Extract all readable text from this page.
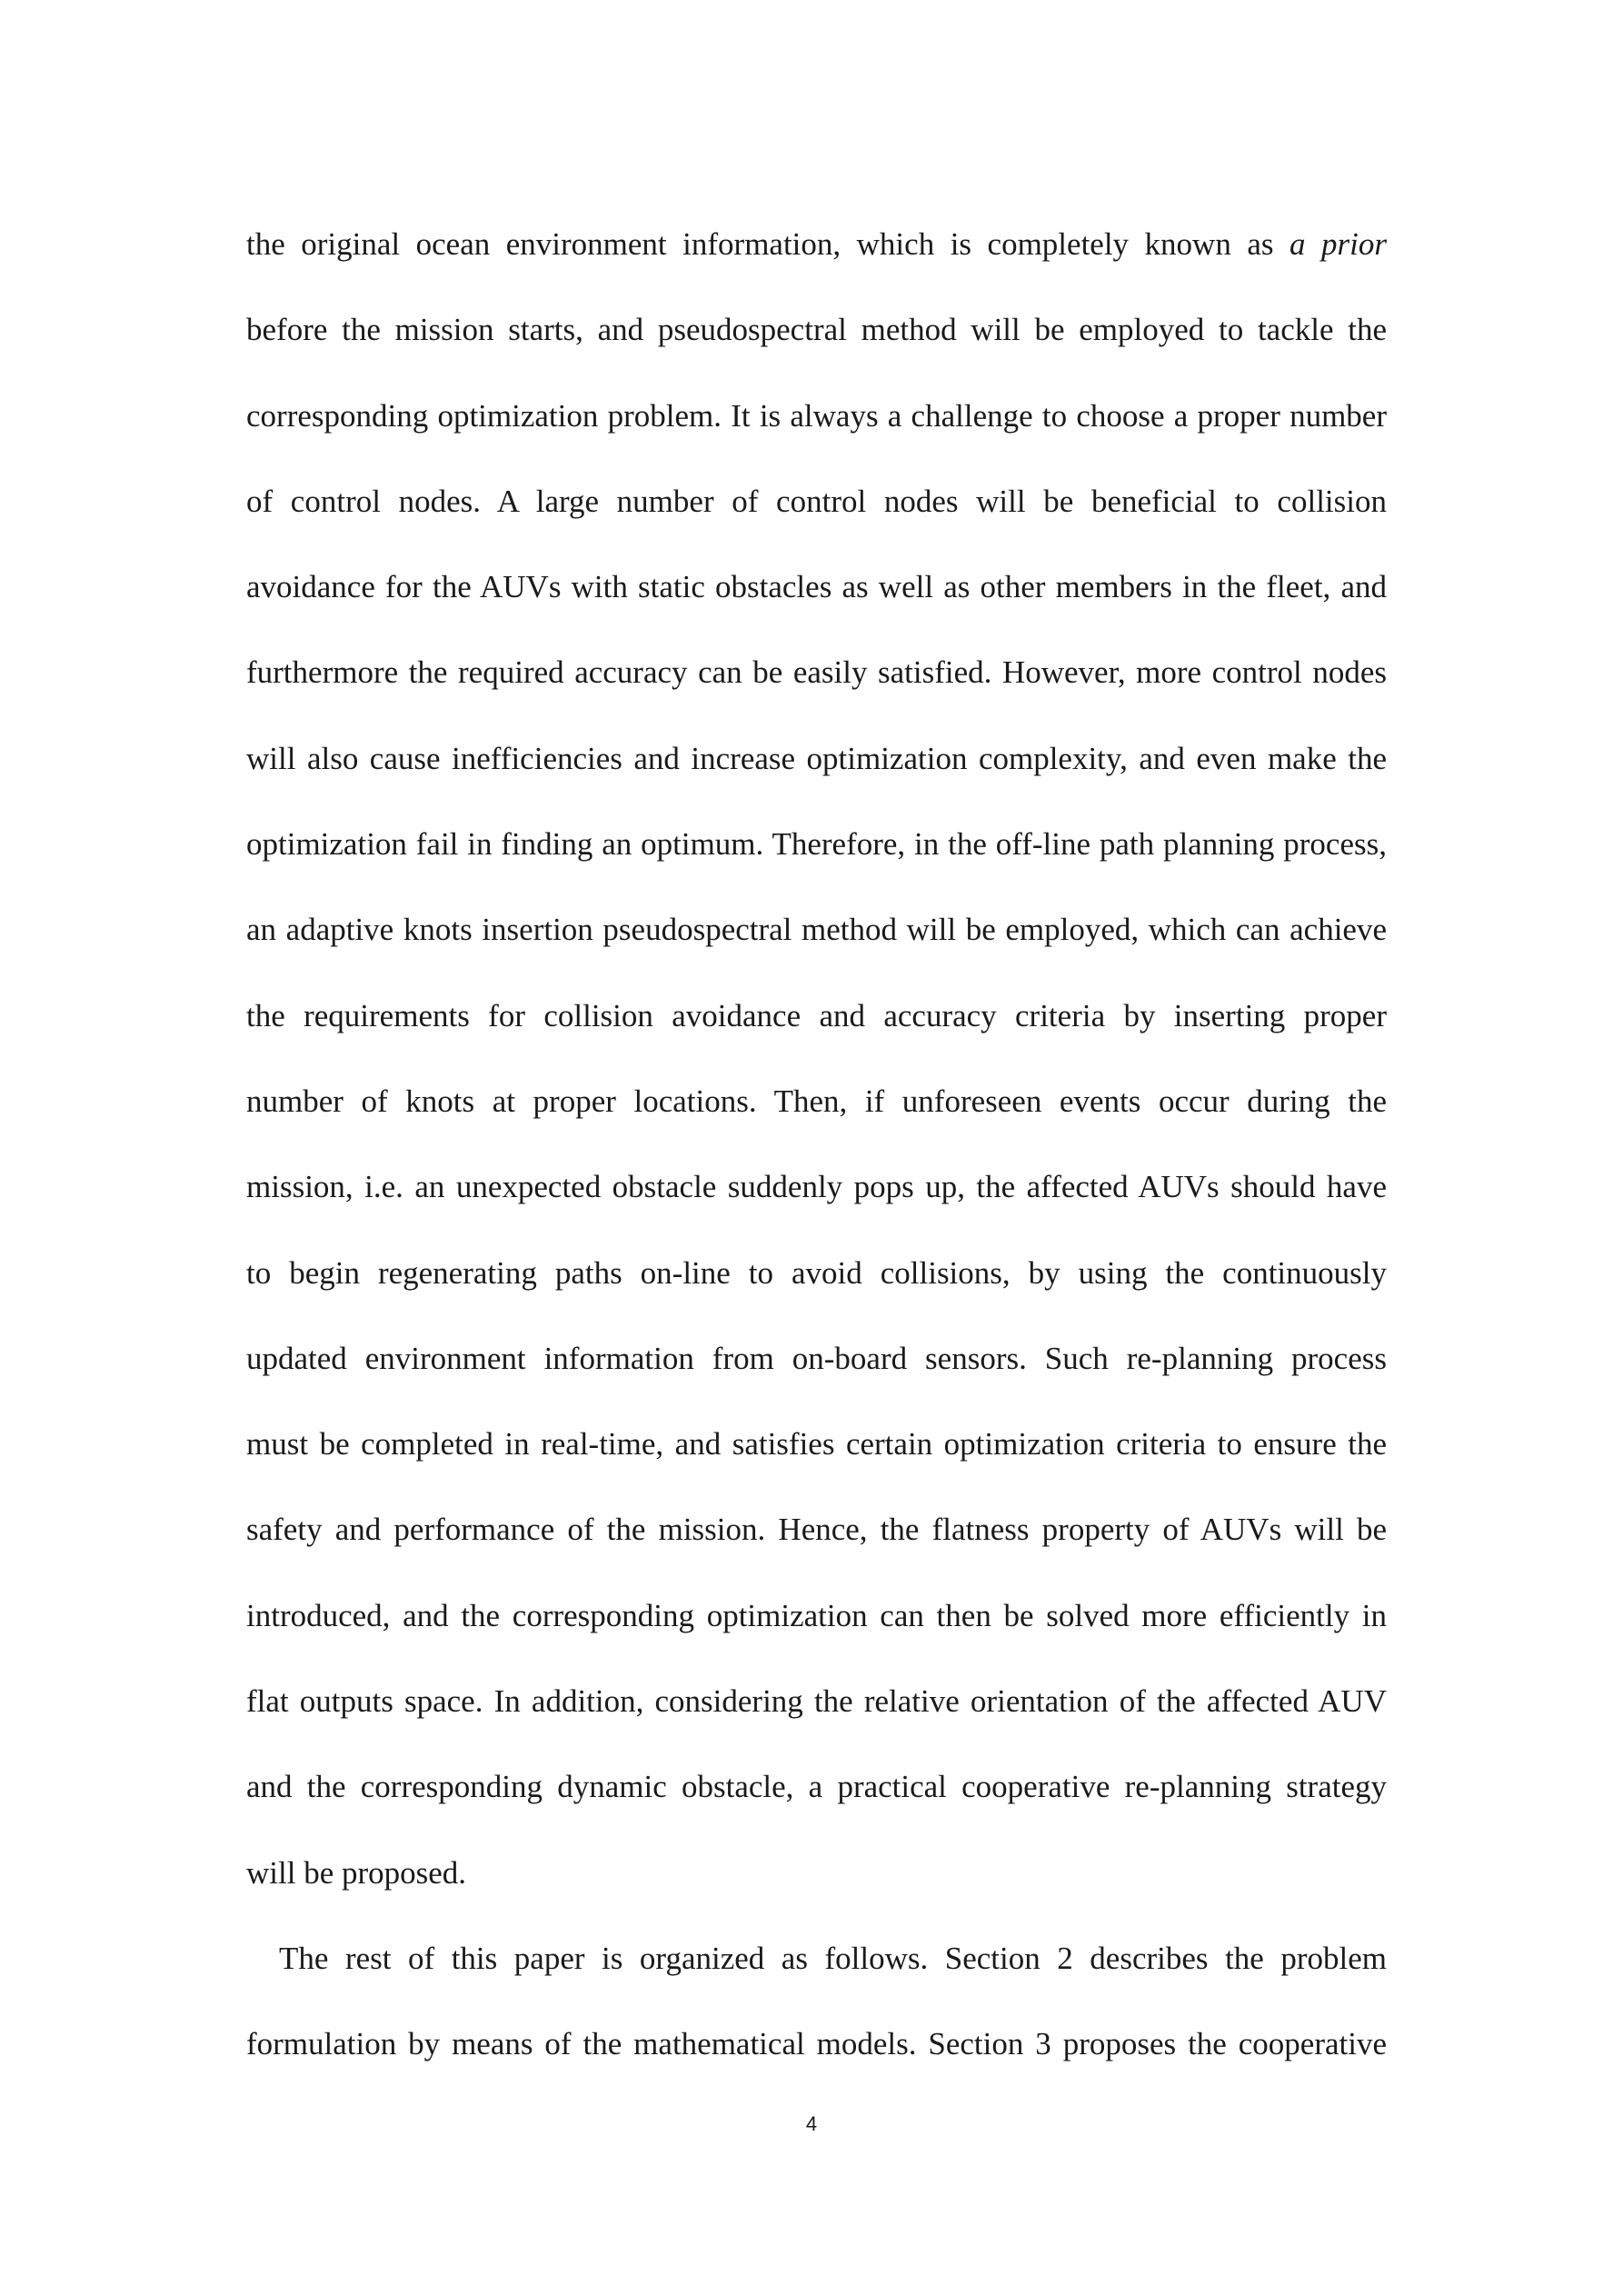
the original ocean environment information, which is completely known as a prior
before the mission starts, and pseudospectral method will be employed to tackle the
corresponding optimization problem. It is always a challenge to choose a proper number
of control nodes. A large number of control nodes will be beneficial to collision
avoidance for the AUVs with static obstacles as well as other members in the fleet, and
furthermore the required accuracy can be easily satisfied. However, more control nodes
will also cause inefficiencies and increase optimization complexity, and even make the
optimization fail in finding an optimum. Therefore, in the off-line path planning process,
an adaptive knots insertion pseudospectral method will be employed, which can achieve
the requirements for collision avoidance and accuracy criteria by inserting proper
number of knots at proper locations. Then, if unforeseen events occur during the
mission, i.e. an unexpected obstacle suddenly pops up, the affected AUVs should have
to begin regenerating paths on-line to avoid collisions, by using the continuously
updated environment information from on-board sensors. Such re-planning process
must be completed in real-time, and satisfies certain optimization criteria to ensure the
safety and performance of the mission. Hence, the flatness property of AUVs will be
introduced, and the corresponding optimization can then be solved more efficiently in
flat outputs space. In addition, considering the relative orientation of the affected AUV
and the corresponding dynamic obstacle, a practical cooperative re-planning strategy
will be proposed.
The rest of this paper is organized as follows. Section 2 describes the problem
formulation by means of the mathematical models. Section 3 proposes the cooperative
4
